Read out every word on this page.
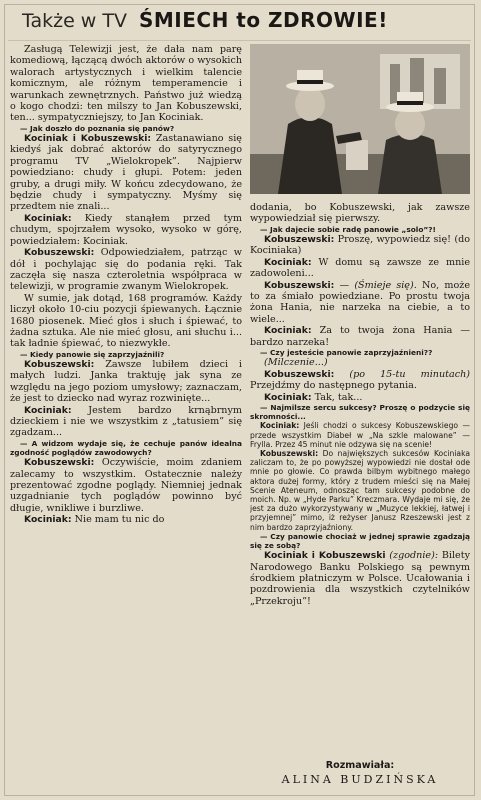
Także w TV ŚMIECH to ZDROWIE!

Zasługą Telewizji jest, że dała nam parę komediową, łączącą dwóch aktorów o wysokich walorach artystycznych i wielkim talencie komicznym, ale różnym temperamencie i warunkach zewnętrznych. Państwo już wiedzą o kogo chodzi: ten milszy to Jan Kobuszewski, ten... sympatyczniejszy, to Jan Kociniak.

— Jak doszło do poznania się panów?

Kociniak i Kobuszewski: Zastanawiano się kiedyś jak dobrać aktorów do satyrycznego programu TV „Wielokropek”. Najpierw powiedziano: chudy i głupi. Potem: jeden gruby, a drugi miły. W końcu zdecydowano, że będzie chudy i sympatyczny. Myśmy się przedtem nie znali...

Kociniak: Kiedy stanąłem przed tym chudym, spojrzałem wysoko, wysoko w górę, powiedziałem: Kociniak.

Kobuszewski: Odpowiedziałem, patrząc w dół i pochylając się do podania ręki. Tak zaczęła się nasza czteroletnia współpraca w telewizji, w programie zwanym Wielokropek.

W sumie, jak dotąd, 168 programów. Każdy liczył około 10-ciu pozycji śpiewanych. Łącznie 1680 piosenek. Mieć głos i słuch i śpiewać, to żadna sztuka. Ale nie mieć głosu, ani słuchu i... tak ładnie śpiewać, to niezwykłe.

— Kiedy panowie się zaprzyjaźnili?

Kobuszewski: Zawsze lubiłem dzieci i małych ludzi. Janka traktuję jak syna ze względu na jego poziom umysłowy; zaznaczam, że jest to dziecko nad wyraz rozwinięte...

Kociniak: Jestem bardzo krnąbrnym dzieckiem i nie we wszystkim z „tatusiem” się zgadzam...

— A widzom wydaje się, że cechuje panów idealna zgodność poglądów zawodowych?

Kobuszewski: Oczywiście, moim zdaniem zalecamy to wszystkim. Ostatecznie należy prezentować zgodne poglądy. Niemniej jednak uzgadnianie tych poglądów powinno być długie, wnikliwe i burzliwe.

Kociniak: Nie mam tu nic do

dodania, bo Kobuszewski, jak zawsze wypowiedział się pierwszy.

— Jak dajecie sobie radę panowie „solo”?!

Kobuszewski: Proszę, wypowiedz się! (do Kociniaka)

Kociniak: W domu są zawsze ze mnie zadowoleni...

Kobuszewski: — (Śmieje się). No, może to za śmiało powiedziane. Po prostu twoja żona Hania, nie narzeka na ciebie, a to wiele...

Kociniak: Za to twoja żona Hania — bardzo narzeka!

— Czy jesteście panowie zaprzyjaźnieni??

(Milczenie...)

Kobuszewski: (po 15-tu minutach) Przejdźmy do następnego pytania.

Kociniak: Tak, tak...

— Najmilsze sercu sukcesy? Proszę o podzycie się skromności...

Kociniak: Jeśli chodzi o sukcesy Kobuszewskiego — przede wszystkim Diabeł w „Na szkle malowane” — Frylla. Przez 45 minut nie odzywa się na scenie!

Kobuszewski: Do największych sukcesów Kociniaka zaliczam to, że po powyższej wypowiedzi nie dostał ode mnie po głowie. Co prawda bilbym wybitnego małego aktora dużej formy, który z trudem mieści się na Małej Scenie Ateneum, odnosząc tam sukcesy podobne do moich. Np. w „Hyde Parku” Kreczmara. Wydaje mi się, że jest za dużo wykorzystywany w „Muzyce lekkiej, łatwej i przyjemnej” mimo, iż reżyser Janusz Rzeszewski jest z nim bardzo zaprzyjaźniony.

— Czy panowie chociaż w jednej sprawie zgadzają się ze sobą?

Kociniak i Kobuszewski (zgodnie): Bilety Narodowego Banku Polskiego są pewnym środkiem płatniczym w Polsce. Ucałowania i pozdrowienia dla wszystkich czytelników „Przekroju”!

Rozmawiała:
ALINA BUDZIŃSKA
